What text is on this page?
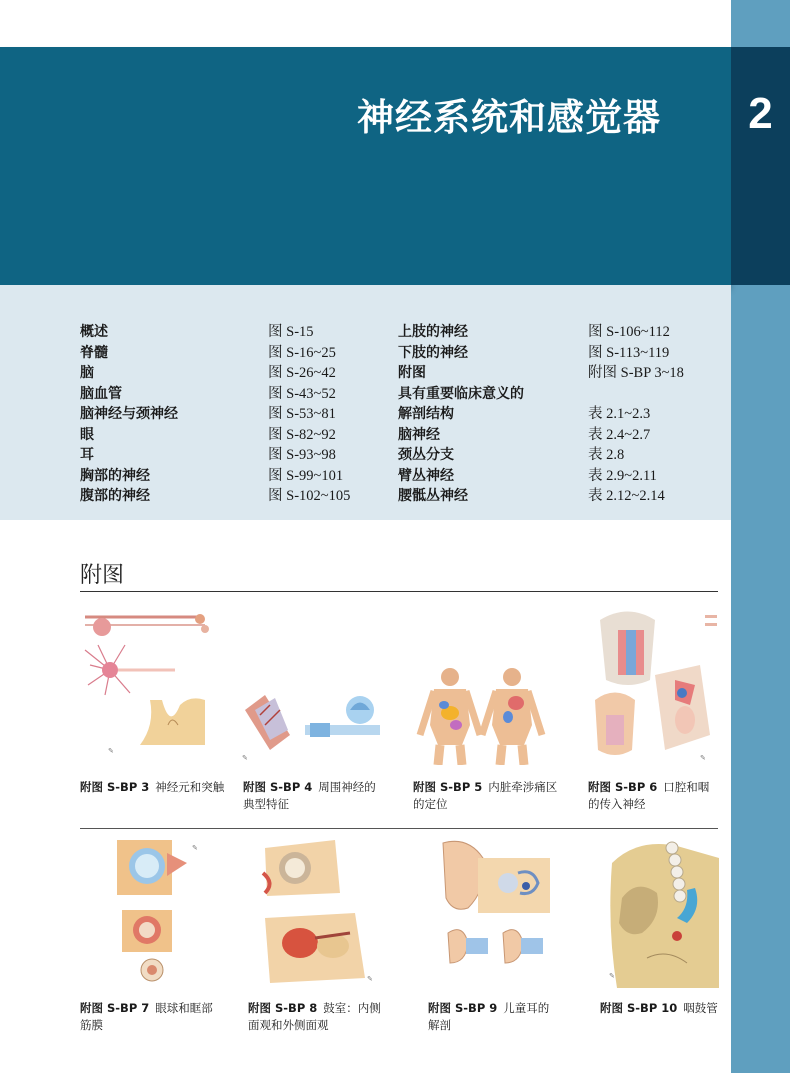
神经系统和感觉器	2
概述	图 S-15
脊髓	图 S-16~25
脑	图 S-26~42
脑血管	图 S-43~52
脑神经与颈神经	图 S-53~81
眼	图 S-82~92
耳	图 S-93~98
胸部的神经	图 S-99~101
腹部的神经	图 S-102~105
上肢的神经	图 S-106~112
下肢的神经	图 S-113~119
附图	附图 S-BP 3~18
具有重要临床意义的
解剖结构	表 2.1~2.3
脑神经	表 2.4~2.7
颈丛分支	表 2.8
臂丛神经	表 2.9~2.11
腰骶丛神经	表 2.12~2.14
附图
✎
✎	✎
附图 S-BP 3 神经元和突触	附图 S-BP 4 周围神经的
典型特征
附图 S-BP 5 内脏牵涉痛区
的定位
附图 S-BP 6 口腔和咽
的传入神经
✎
✎	✎
附图 S-BP 7 眼球和眶部
筋膜
附图 S-BP 8 鼓室：内侧
面观和外侧面观
附图 S-BP 9 儿童耳的
解剖
附图 S-BP 10 咽鼓管
